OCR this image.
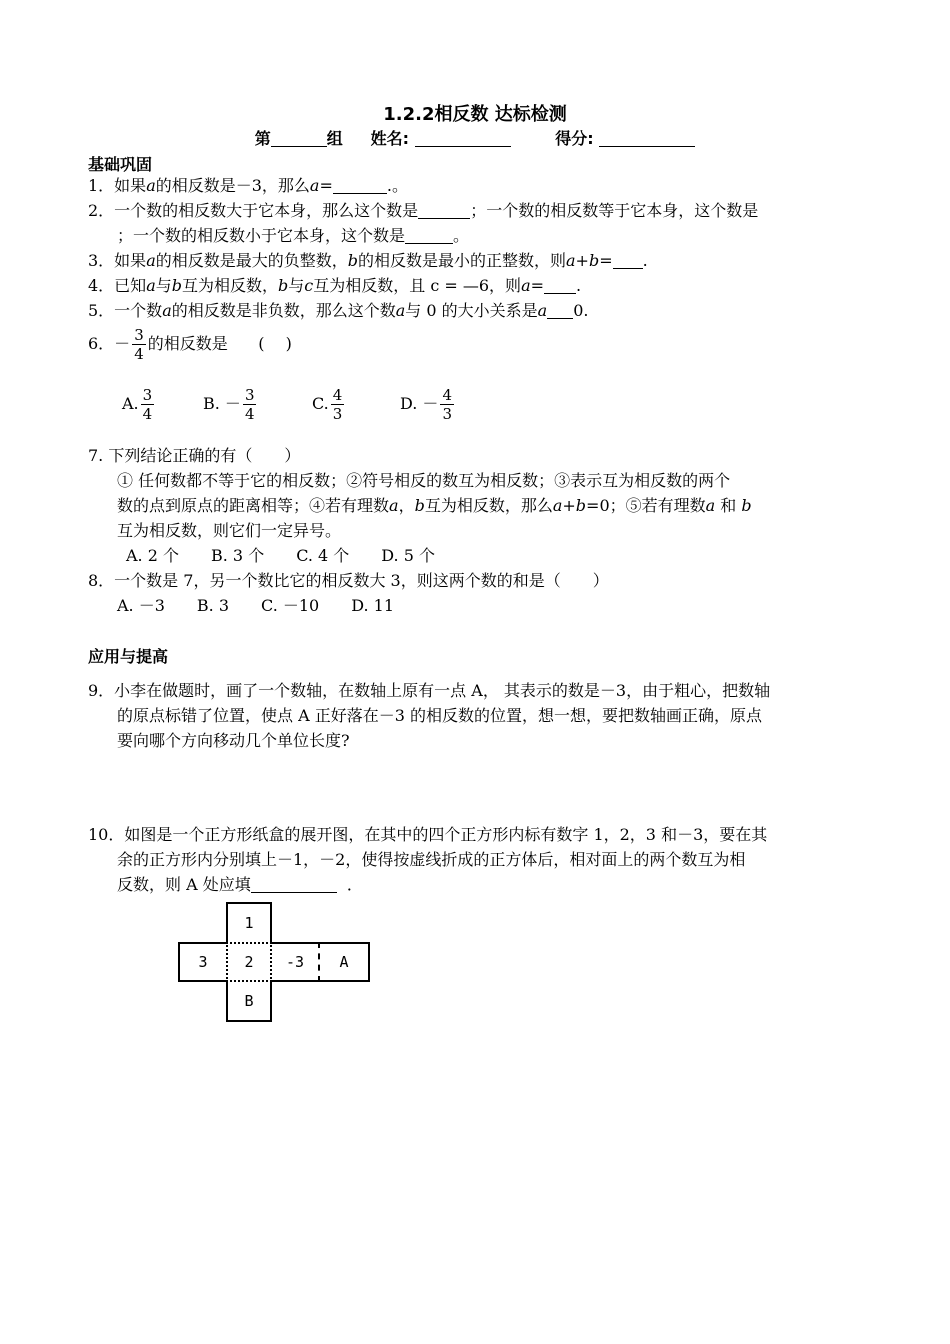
1.2.2相反数 达标检测
第	组 姓名:	得分:
基础巩固
1．如果a的相反数是－3，那么a=	.。
2．一个数的相反数大于它本身，那么这个数是	；一个数的相反数等于它本身，这个数是
；一个数的相反数小于它本身，这个数是	。
3．如果a的相反数是最大的负整数，b的相反数是最小的正整数，则a+b= .
4．已知a与b互为相反数，b与c互为相反数，且 c = —6，则a= .
5．一个数a的相反数是非负数，那么这个数a与 0 的大小关系是a 0.
6．－ $\frac{3}{4}$ 的相反数是 (　 )
A. $\frac{3}{4}$	B. － $\frac{3}{4}$	C. $\frac{4}{3}$	D. － $\frac{4}{3}$
7. 下列结论正确的有（　　）
① 任何数都不等于它的相反数；②符号相反的数互为相反数；③表示互为相反数的两个
数的点到原点的距离相等；④若有理数a，b互为相反数，那么a+b=0；⑤若有理数a 和 b
互为相反数，则它们一定异号。
A. 2 个　　B. 3 个　　C. 4 个　　D. 5 个
8．一个数是 7，另一个数比它的相反数大 3，则这两个数的和是（　　）
A. －3　　B. 3　　C. －10　　D. 11
应用与提高
9．小李在做题时，画了一个数轴，在数轴上原有一点 A， 其表示的数是－3，由于粗心，把数轴
的原点标错了位置，使点 A 正好落在－3 的相反数的位置，想一想，要把数轴画正确，原点
要向哪个方向移动几个单位长度?
10．如图是一个正方形纸盒的展开图，在其中的四个正方形内标有数字 1，2，3 和－3，要在其
余的正方形内分别填上－1，－2，使得按虚线折成的正方体后，相对面上的两个数互为相
反数，则 A 处应填	．
1
3	2	-3	A
B
